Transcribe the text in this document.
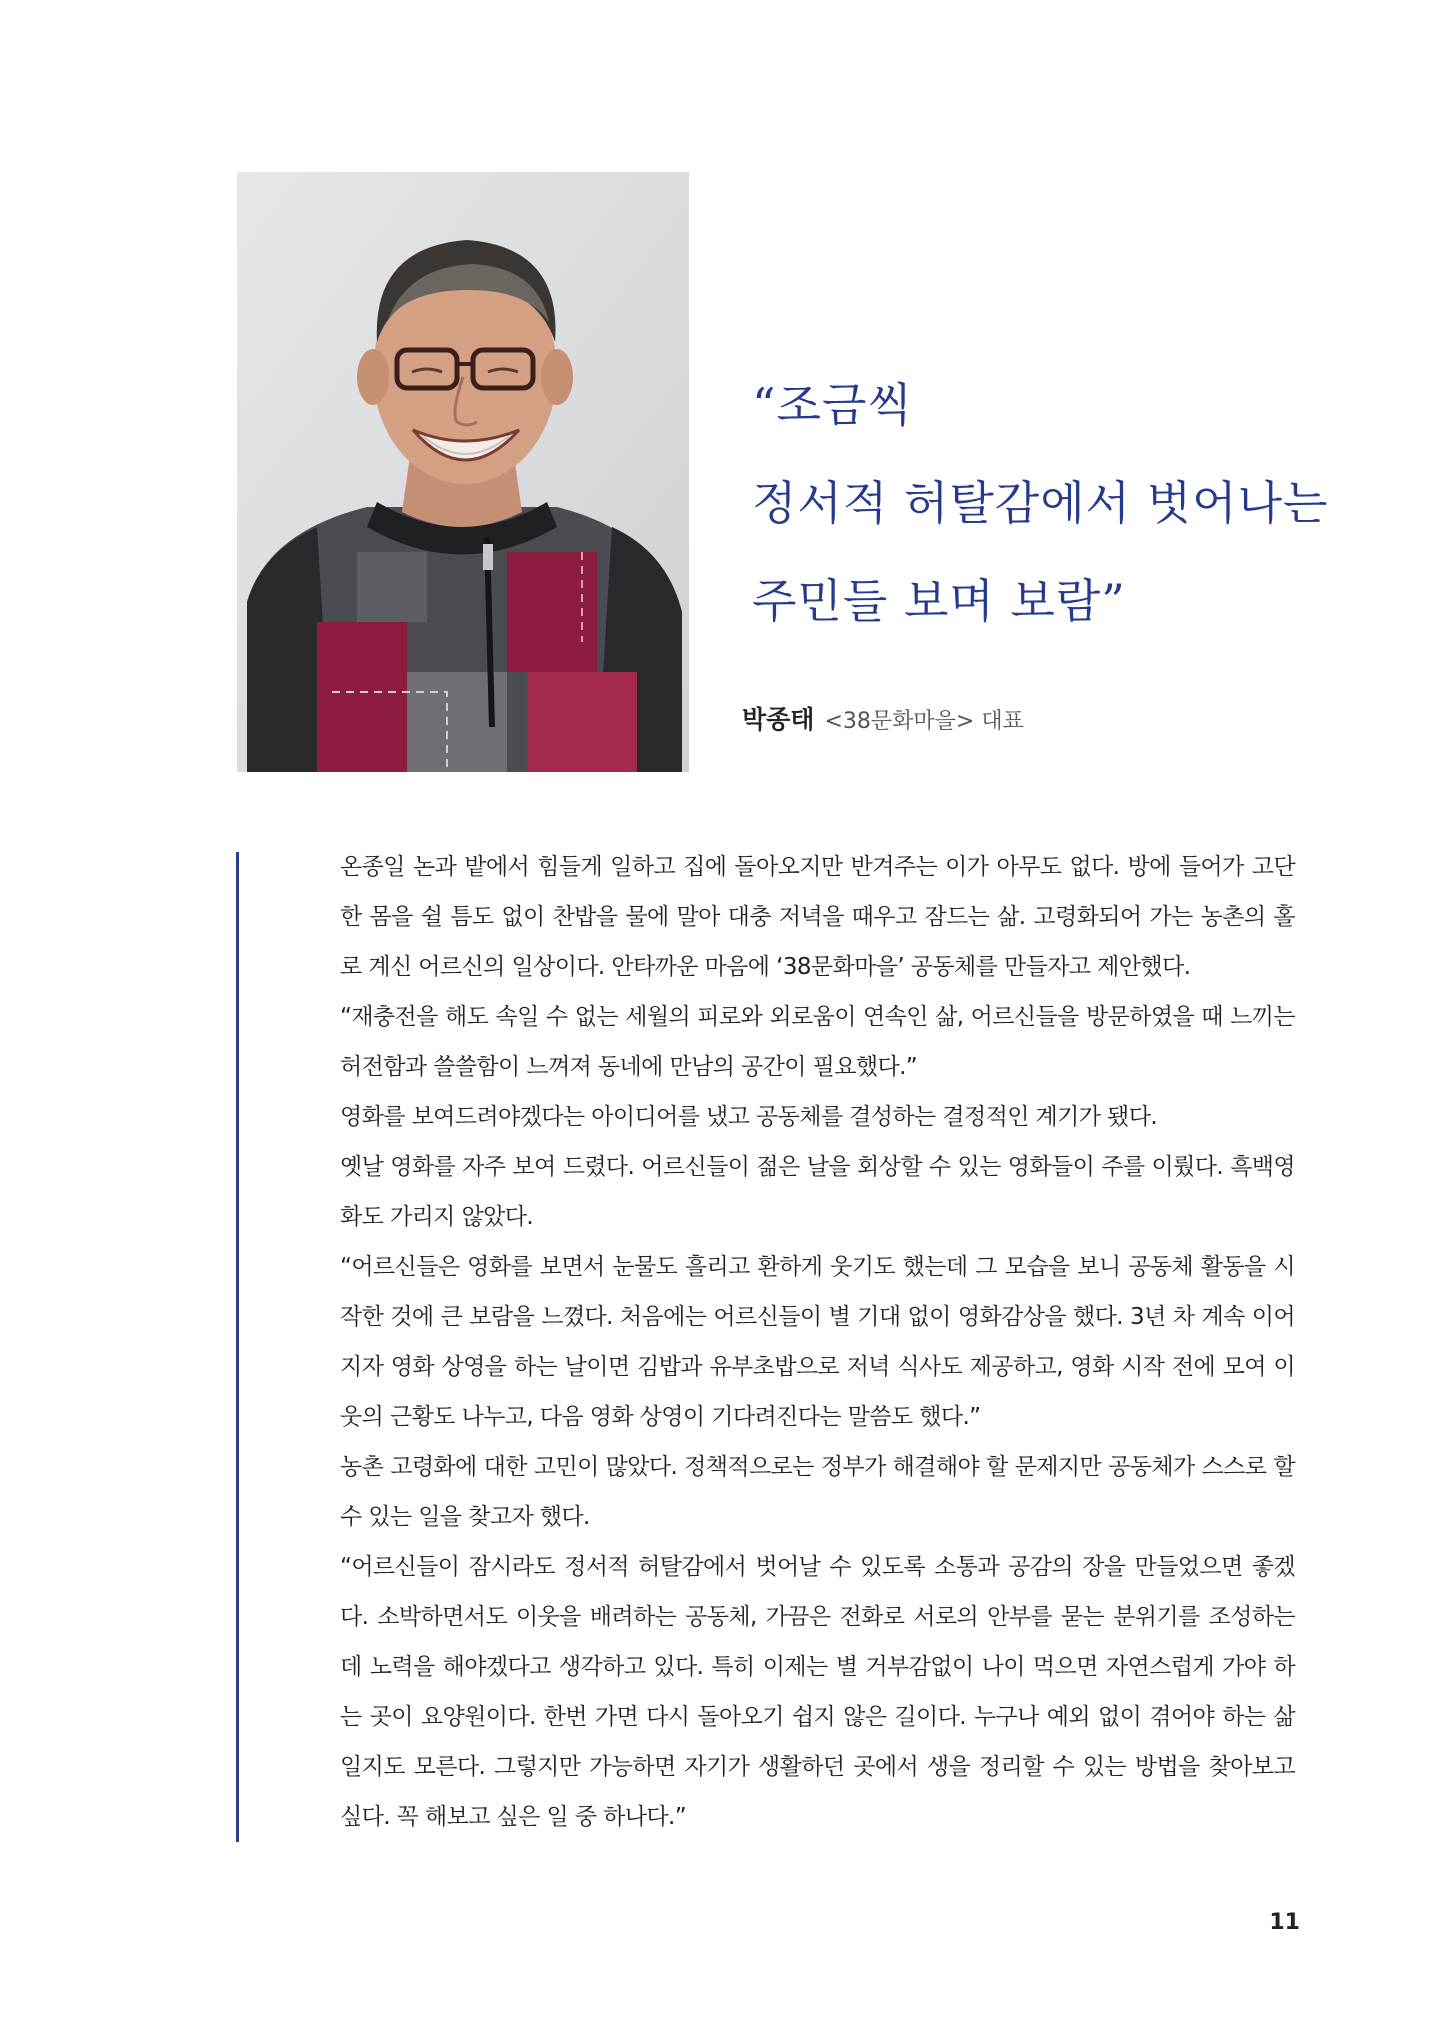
“조금씩
정서적 허탈감에서 벗어나는
주민들 보며 보람”
박종태 <38문화마을> 대표

온종일 논과 밭에서 힘들게 일하고 집에 돌아오지만 반겨주는 이가 아무도 없다. 방에 들어가 고단한 몸을 쉴 틈도 없이 찬밥을 물에 말아 대충 저녁을 때우고 잠드는 삶. 고령화되어 가는 농촌의 홀로 계신 어르신의 일상이다. 안타까운 마음에 ‘38문화마을’ 공동체를 만들자고 제안했다.

“재충전을 해도 속일 수 없는 세월의 피로와 외로움이 연속인 삶, 어르신들을 방문하였을 때 느끼는 허전함과 쓸쓸함이 느껴져 동네에 만남의 공간이 필요했다.”

영화를 보여드려야겠다는 아이디어를 냈고 공동체를 결성하는 결정적인 계기가 됐다.

옛날 영화를 자주 보여 드렸다. 어르신들이 젊은 날을 회상할 수 있는 영화들이 주를 이뤘다. 흑백영화도 가리지 않았다.

“어르신들은 영화를 보면서 눈물도 흘리고 환하게 웃기도 했는데 그 모습을 보니 공동체 활동을 시작한 것에 큰 보람을 느꼈다. 처음에는 어르신들이 별 기대 없이 영화감상을 했다. 3년 차 계속 이어지자 영화 상영을 하는 날이면 김밥과 유부초밥으로 저녁 식사도 제공하고, 영화 시작 전에 모여 이웃의 근황도 나누고, 다음 영화 상영이 기다려진다는 말씀도 했다.”

농촌 고령화에 대한 고민이 많았다. 정책적으로는 정부가 해결해야 할 문제지만 공동체가 스스로 할 수 있는 일을 찾고자 했다.

“어르신들이 잠시라도 정서적 허탈감에서 벗어날 수 있도록 소통과 공감의 장을 만들었으면 좋겠다. 소박하면서도 이웃을 배려하는 공동체, 가끔은 전화로 서로의 안부를 묻는 분위기를 조성하는 데 노력을 해야겠다고 생각하고 있다. 특히 이제는 별 거부감없이 나이 먹으면 자연스럽게 가야 하는 곳이 요양원이다. 한번 가면 다시 돌아오기 쉽지 않은 길이다. 누구나 예외 없이 겪어야 하는 삶일지도 모른다. 그렇지만 가능하면 자기가 생활하던 곳에서 생을 정리할 수 있는 방법을 찾아보고 싶다. 꼭 해보고 싶은 일 중 하나다.”

11
